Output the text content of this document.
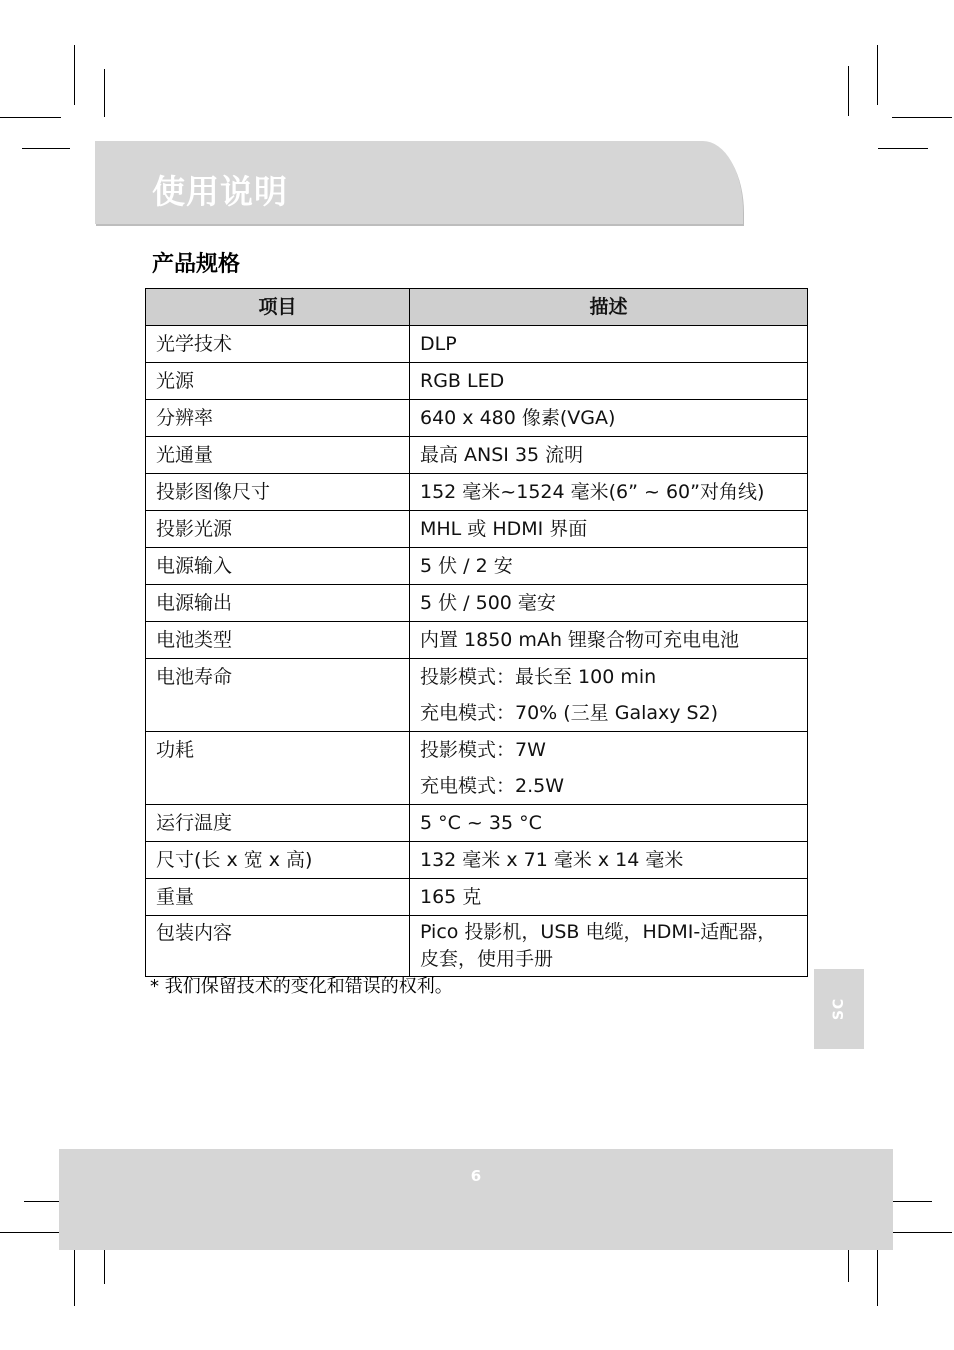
使用说明
产品规格
项目	描述

光学技术	DLP

光源	RGB LED

分辨率	640 x 480 像素(VGA)

光通量	最高 ANSI 35 流明

投影图像尺寸	152 毫米~1524 毫米(6” ~ 60”对角线)

投影光源	MHL 或 HDMI 界面

电源输入	5 伏 / 2 安

电源输出	5 伏 / 500 毫安

电池类型	内置 1850 mAh 锂聚合物可充电电池

电池寿命	投影模式：最长至 100 min
充电模式：70% (三星 Galaxy S2)

功耗	投影模式：7W
充电模式：2.5W

运行温度	5 °C ~ 35 °C

尺寸(长 x 宽 x 高)	132 毫米 x 71 毫米 x 14 毫米

重量	165 克

包装内容	Pico 投影机，USB 电缆，HDMI-适配器，
皮套，使用手册
* 我们保留技术的变化和错误的权利。
SC
6
